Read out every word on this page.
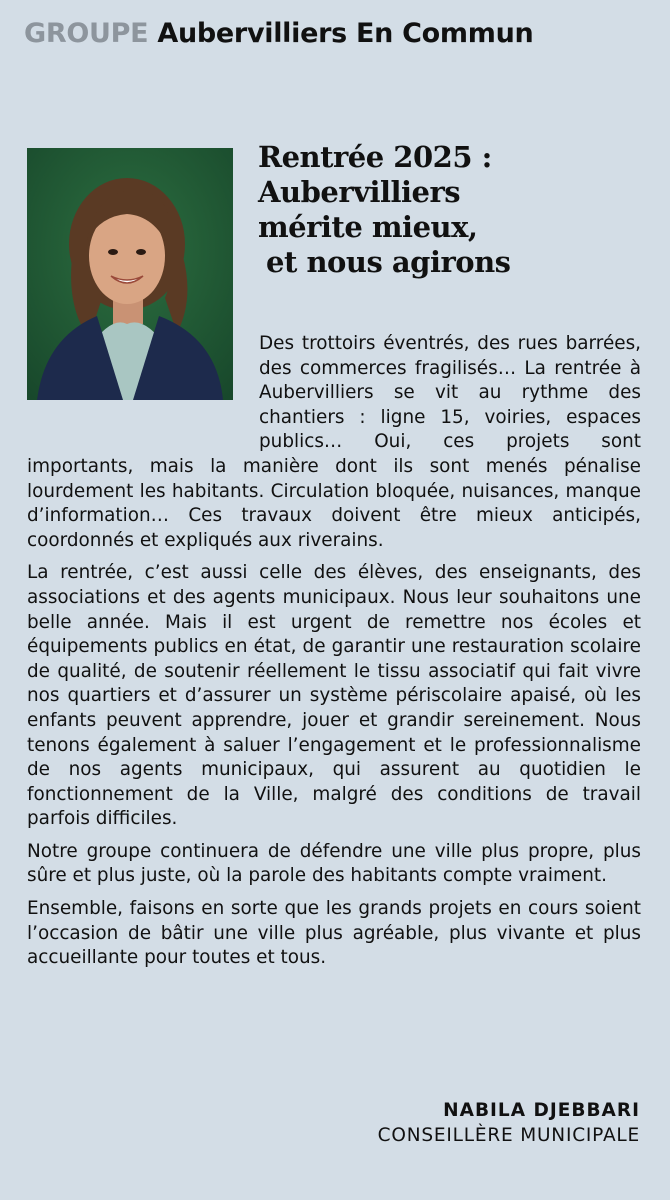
GROUPE Aubervilliers En Commun
Rentrée 2025 :
Aubervilliers
mérite mieux,
et nous agirons

Des trottoirs éventrés, des rues barrées, des commerces fragilisés… La rentrée à Aubervilliers se vit au rythme des chantiers : ligne 15, voiries, espaces publics… Oui, ces projets sont importants, mais la manière dont ils sont menés pénalise lourdement les habitants. Circulation bloquée, nuisances, manque d’information… Ces travaux doivent être mieux anticipés, coordonnés et expliqués aux riverains.

La rentrée, c’est aussi celle des élèves, des enseignants, des associations et des agents municipaux. Nous leur souhaitons une belle année. Mais il est urgent de remettre nos écoles et équipements publics en état, de garantir une restauration scolaire de qualité, de soutenir réellement le tissu associatif qui fait vivre nos quartiers et d’assurer un système périscolaire apaisé, où les enfants peuvent apprendre, jouer et grandir sereinement. Nous tenons également à saluer l’engagement et le professionnalisme de nos agents municipaux, qui assurent au quotidien le fonctionnement de la Ville, malgré des conditions de travail parfois difficiles.

Notre groupe continuera de défendre une ville plus propre, plus sûre et plus juste, où la parole des habitants compte vraiment.

Ensemble, faisons en sorte que les grands projets en cours soient l’occasion de bâtir une ville plus agréable, plus vivante et plus accueillante pour toutes et tous.

NABILA DJEBBARI
CONSEILLÈRE MUNICIPALE
